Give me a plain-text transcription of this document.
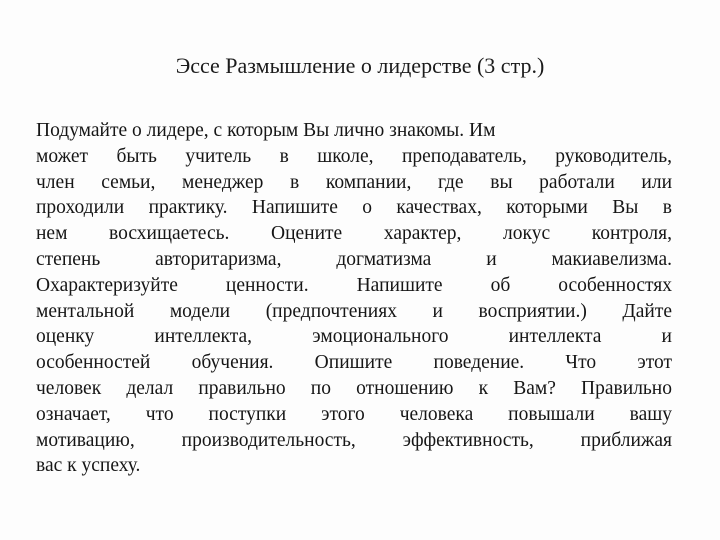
Эссе Размышление о лидерстве (3 стр.)
Подумайте о лидере, с которым Вы лично знакомы. Им
может быть учитель в школе, преподаватель, руководитель,
член семьи, менеджер в компании, где вы работали или
проходили практику. Напишите о качествах, которыми Вы в
нем восхищаетесь. Оцените характер, локус контроля,
степень авторитаризма, догматизма и макиавелизма.
Охарактеризуйте ценности. Напишите об особенностях
ментальной модели (предпочтениях и восприятии.) Дайте
оценку интеллекта, эмоционального интеллекта и
особенностей обучения. Опишите поведение. Что этот
человек делал правильно по отношению к Вам? Правильно
означает, что поступки этого человека повышали вашу
мотивацию, производительность, эффективность, приближая
вас к успеху.
